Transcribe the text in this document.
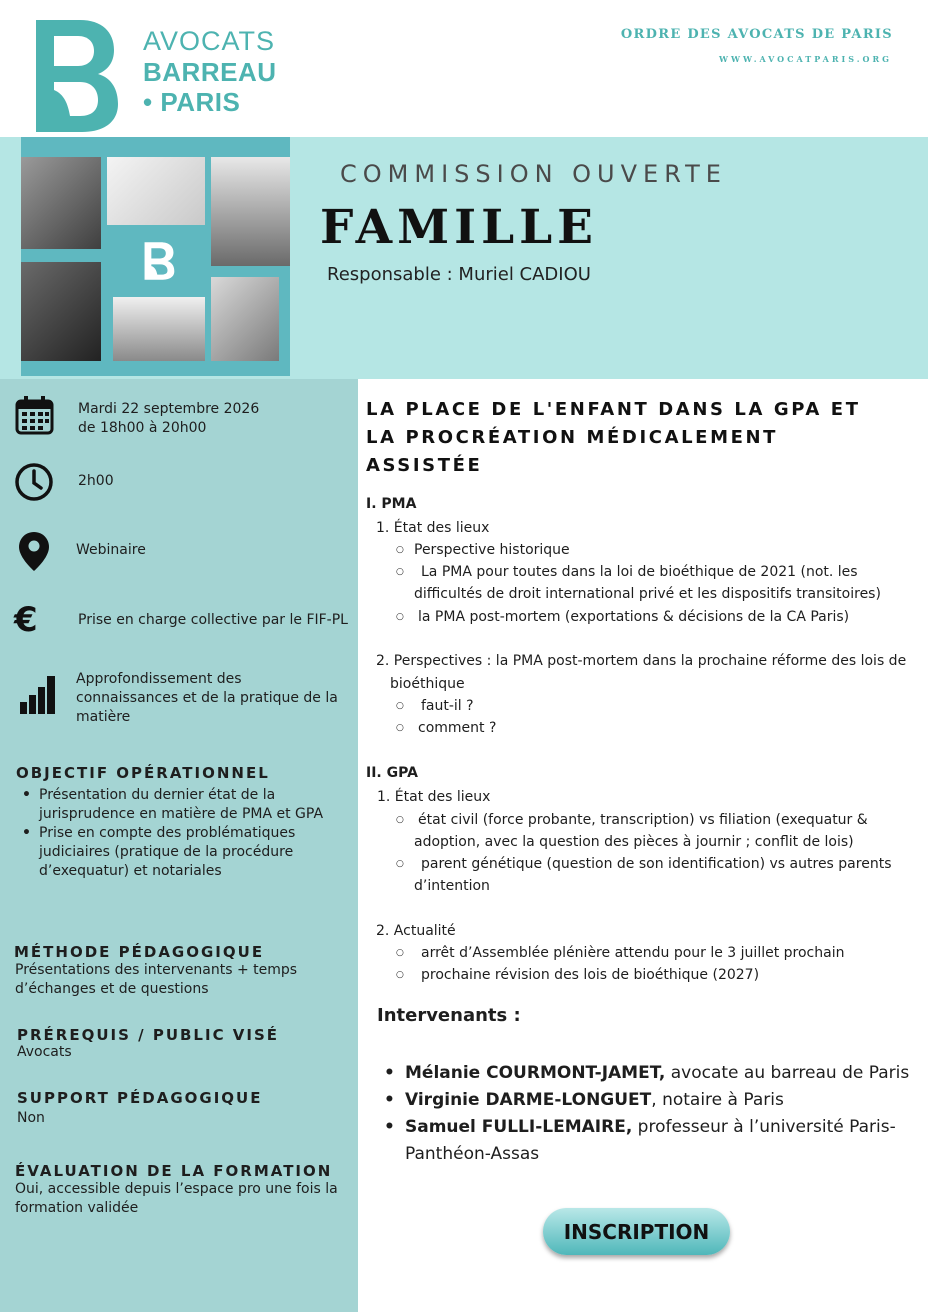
AVOCATS
BARREAU
• PARIS
ORDRE DES AVOCATS DE PARIS
WWW.AVOCATPARIS.ORG
COMMISSION OUVERTE
FAMILLE
Responsable : Muriel CADIOU
Mardi 22 septembre 2026
de 18h00 à 20h00
2h00
Webinaire
€	Prise en charge collective par le FIF-PL
Approfondissement des
connaissances et de la pratique de la
matière
OBJECTIF OPÉRATIONNEL
• Présentation du dernier état de la
jurisprudence en matière de PMA et GPA
• Prise en compte des problématiques
judiciaires (pratique de la procédure
d’exequatur) et notariales
MÉTHODE PÉDAGOGIQUE
Présentations des intervenants + temps
d’échanges et de questions
PRÉREQUIS / PUBLIC VISÉ
Avocats
SUPPORT PÉDAGOGIQUE
Non
ÉVALUATION DE LA FORMATION
Oui, accessible depuis l’espace pro une fois la
formation validée
LA PLACE DE L'ENFANT DANS LA GPA ET
LA PROCRÉATION MÉDICALEMENT
ASSISTÉE
I. PMA
1. État des lieux
○ Perspective historique
○ La PMA pour toutes dans la loi de bioéthique de 2021 (not. les
difficultés de droit international privé et les dispositifs transitoires)
○ la PMA post-mortem (exportations & décisions de la CA Paris)
2. Perspectives : la PMA post-mortem dans la prochaine réforme des lois de
bioéthique
○ faut-il ?
○ comment ?
II. GPA
1. État des lieux
○ état civil (force probante, transcription) vs filiation (exequatur &
adoption, avec la question des pièces à journir ; conflit de lois)
○ parent génétique (question de son identification) vs autres parents
d’intention
2. Actualité
○ arrêt d’Assemblée plénière attendu pour le 3 juillet prochain
○ prochaine révision des lois de bioéthique (2027)
Intervenants :
• Mélanie COURMONT-JAMET, avocate au barreau de Paris
• Virginie DARME-LONGUET, notaire à Paris
• Samuel FULLI-LEMAIRE, professeur à l’université Paris-
Panthéon-Assas
INSCRIPTION
